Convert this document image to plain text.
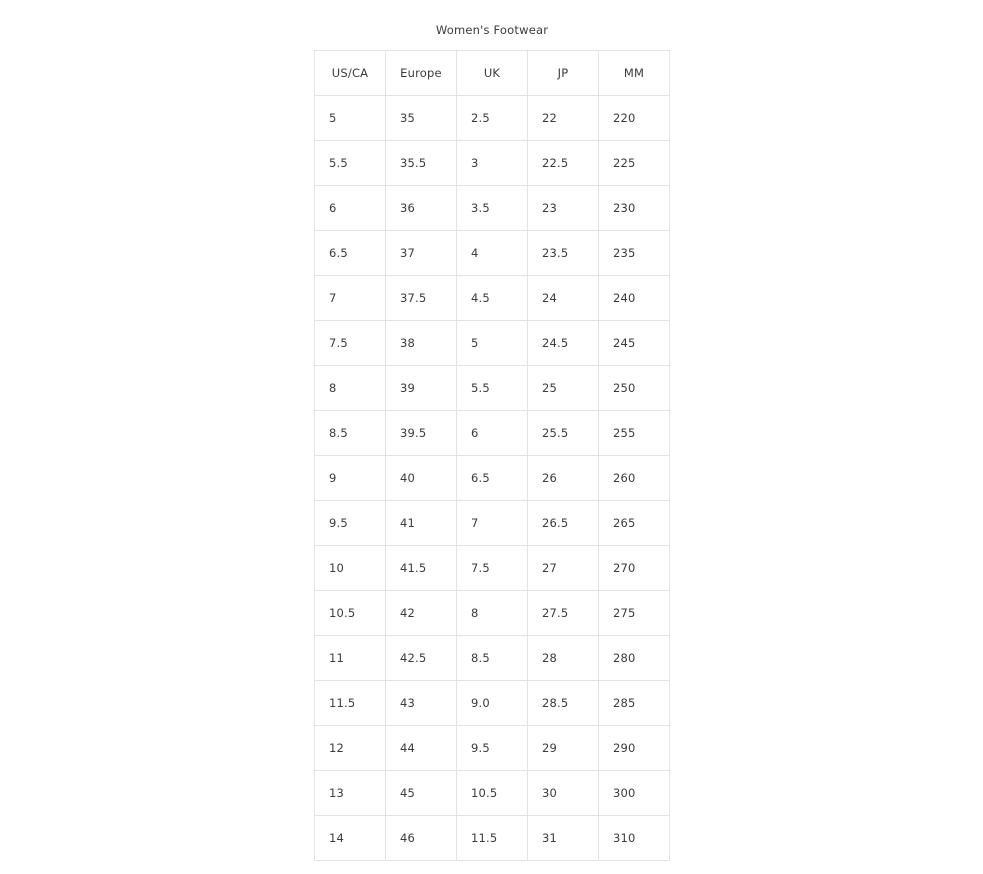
Women's Footwear
US/CA	Europe	UK	JP	MM
5	35	2.5	22	220
5.5	35.5	3	22.5	225
6	36	3.5	23	230
6.5	37	4	23.5	235
7	37.5	4.5	24	240
7.5	38	5	24.5	245
8	39	5.5	25	250
8.5	39.5	6	25.5	255
9	40	6.5	26	260
9.5	41	7	26.5	265
10	41.5	7.5	27	270
10.5	42	8	27.5	275
11	42.5	8.5	28	280
11.5	43	9.0	28.5	285
12	44	9.5	29	290
13	45	10.5	30	300
14	46	11.5	31	310
